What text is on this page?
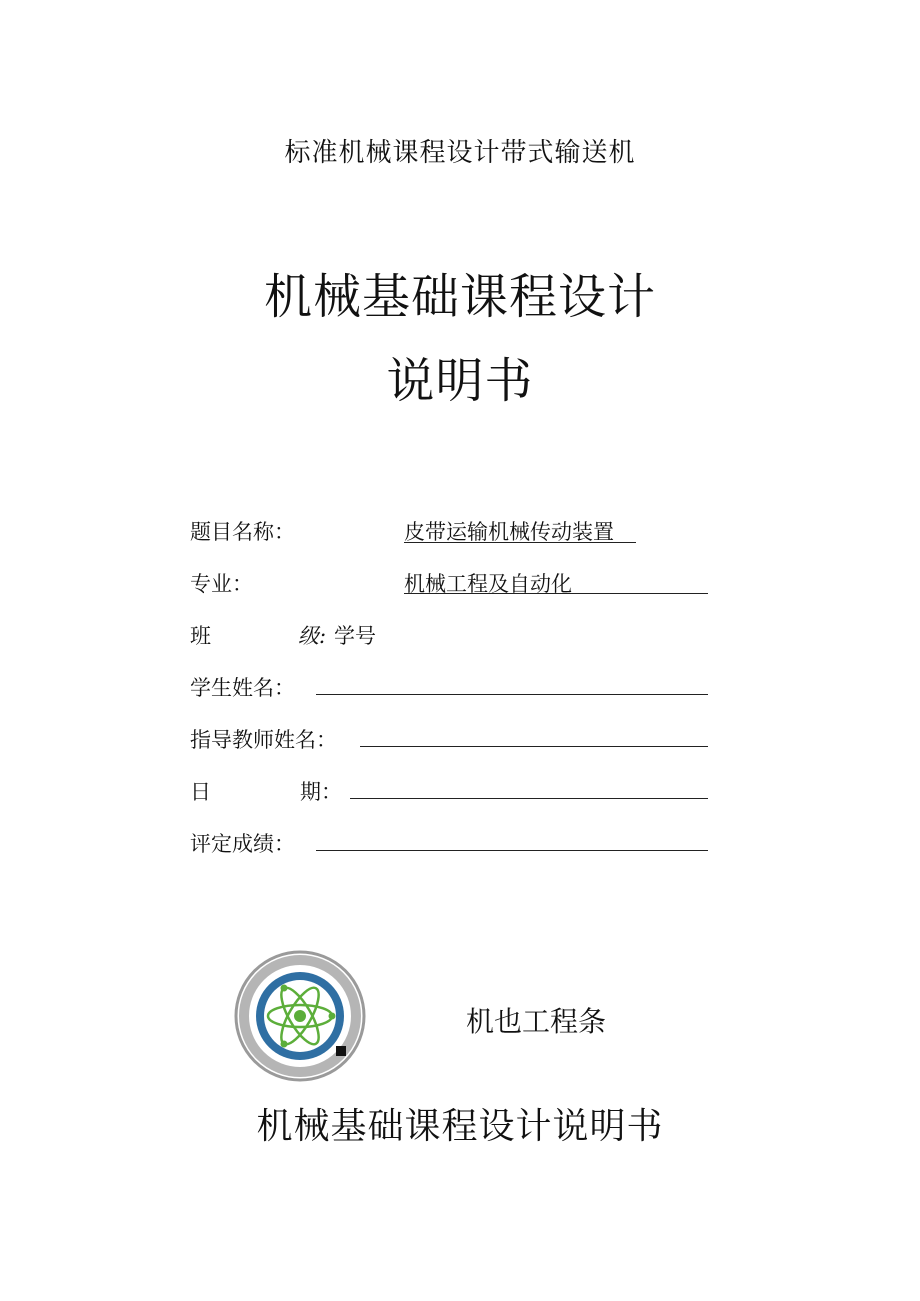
标准机械课程设计带式输送机
机械基础课程设计
说明书
题目名称：	皮带运输机械传动装置
专业：	机械工程及自动化
班	级: 学号
学生姓名：
指导教师姓名：
日	期：
评定成绩：
机也工程条
机械基础课程设计说明书
